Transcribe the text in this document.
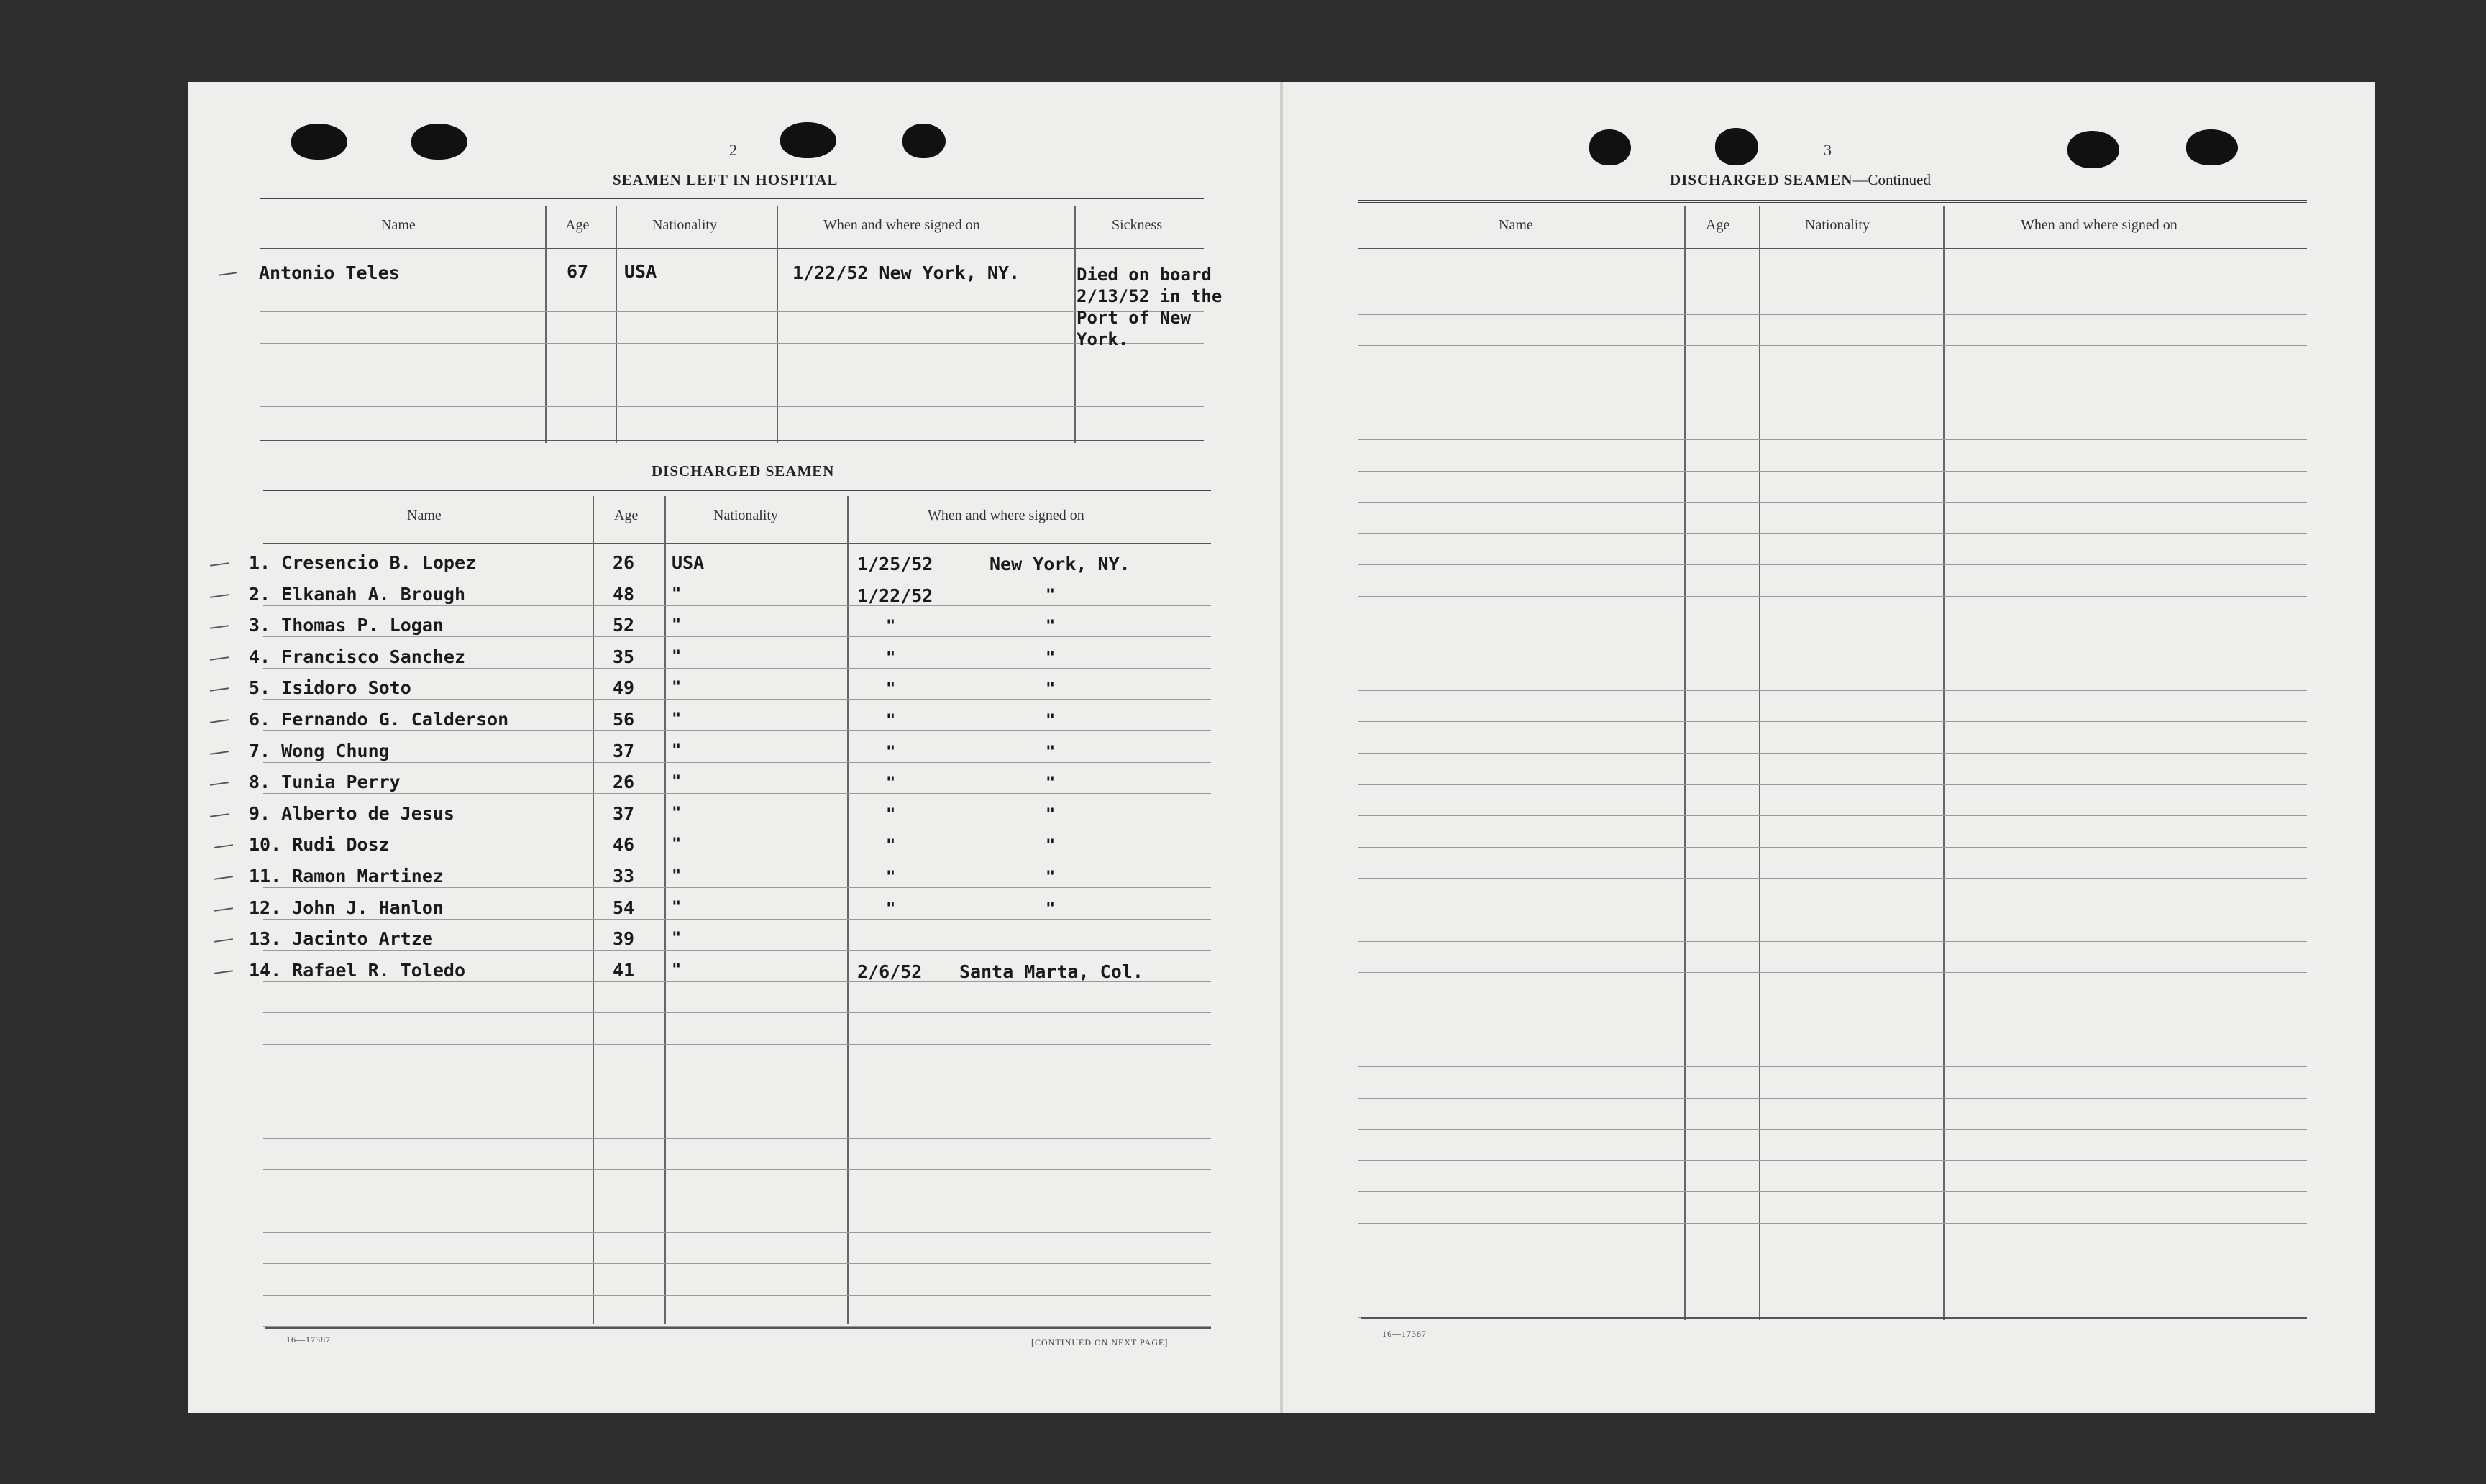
2
SEAMEN LEFT IN HOSPITAL
Name	Age	Nationality	When and where signed on	Sickness
Antonio Teles	67 USA	1/22/52 New York, NY.	Died on board
2/13/52 in the
Port of New
York.
DISCHARGED SEAMEN
Name	Age	Nationality	When and where signed on
1. Cresencio B. Lopez	26 USA	1/25/52	New York, NY.
2. Elkanah A. Brough	48 "	1/22/52	"
3. Thomas P. Logan	52 "	"	"
4. Francisco Sanchez	35 "	"	"
5. Isidoro Soto	49 "	"	"
6. Fernando G. Calderson	56 "	"	"
7. Wong Chung	37 "	"	"
8. Tunia Perry	26 "	"	"
9. Alberto de Jesus	37 "	"	"
10. Rudi Dosz	46 "	"	"
11. Ramon Martinez	33 "	"	"
12. John J. Hanlon	54 "	"	"
13. Jacinto Artze	39 "
14. Rafael R. Toledo	41 "	2/6/52 Santa Marta, Col.
16—17387	[CONTINUED ON NEXT PAGE]
3
DISCHARGED SEAMEN—Continued
Name	Age	Nationality	When and where signed on
16—17387
